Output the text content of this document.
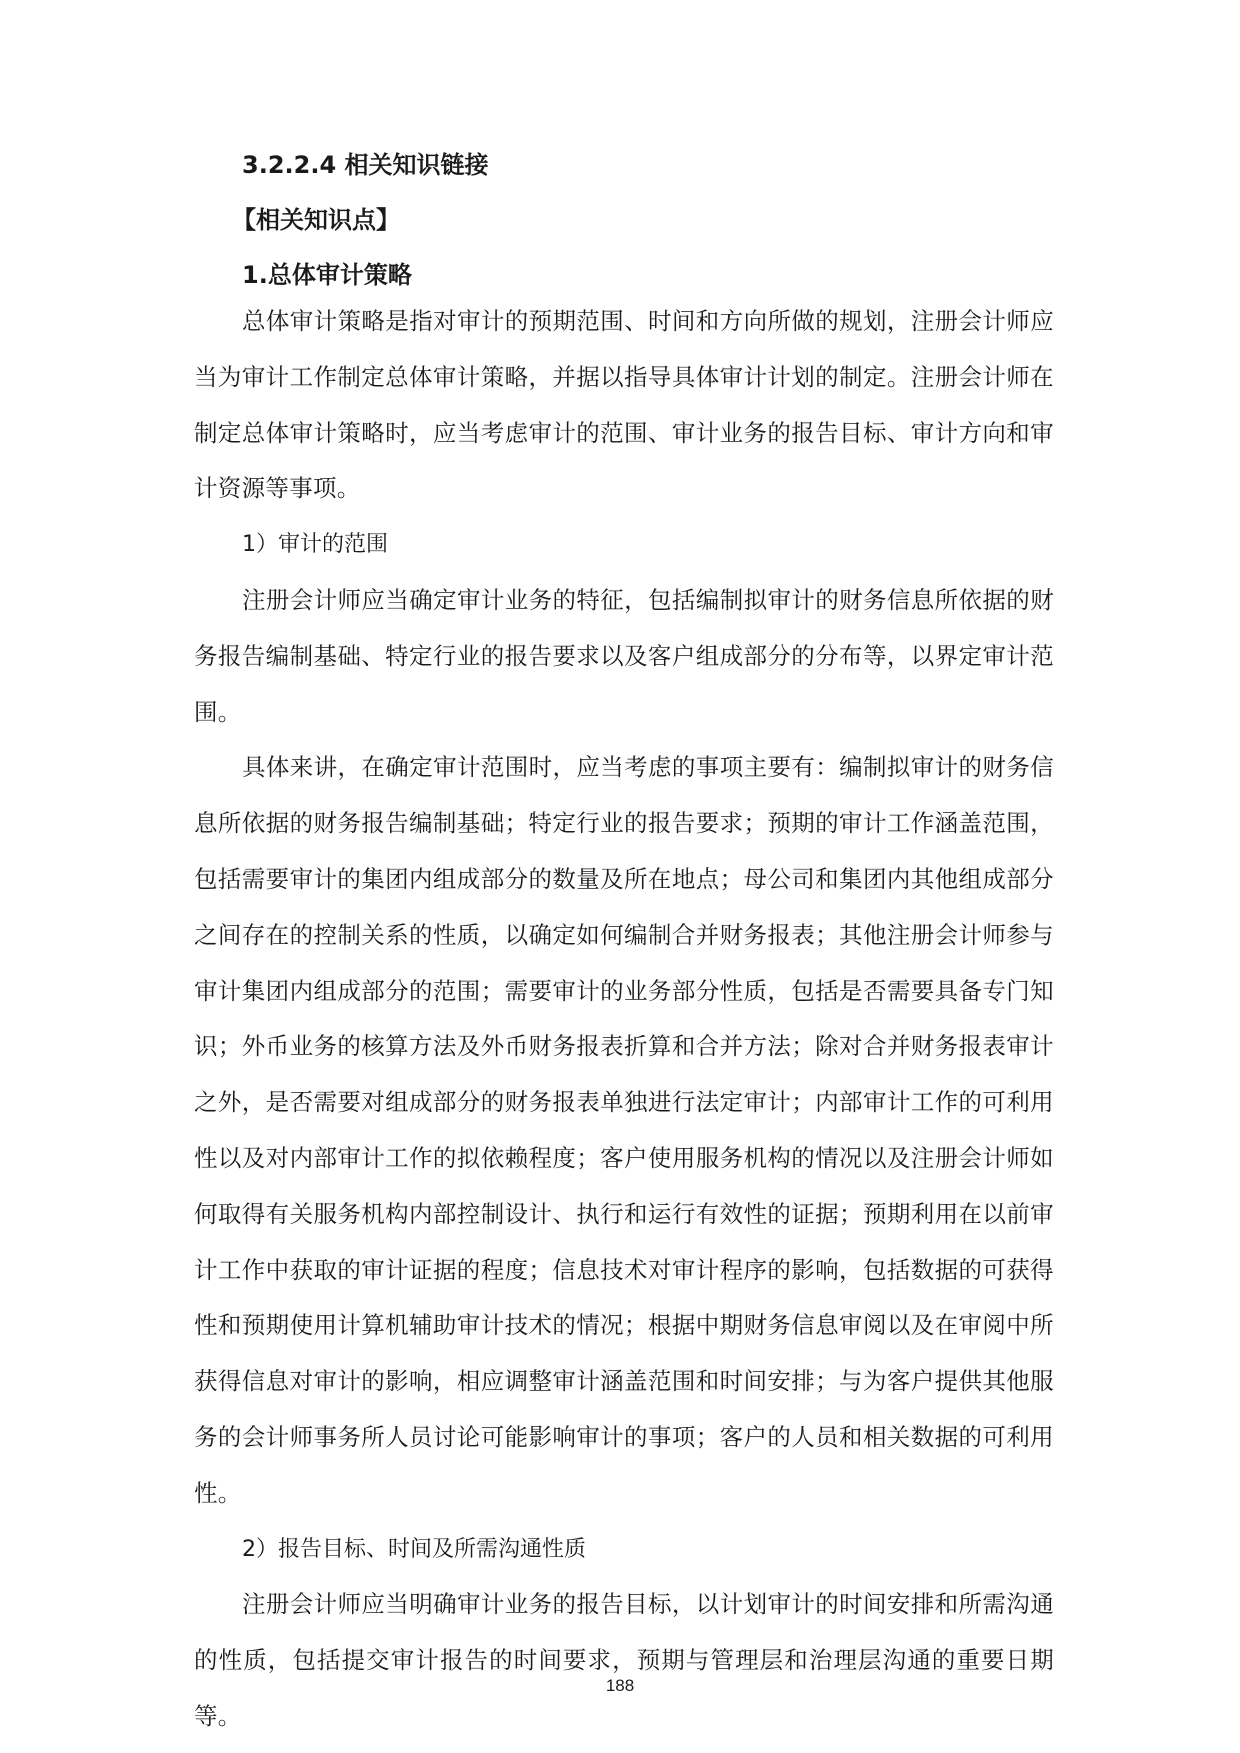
3.2.2.4 相关知识链接
【相关知识点】
1.总体审计策略

总体审计策略是指对审计的预期范围、时间和方向所做的规划，注册会计师应当为审计工作制定总体审计策略，并据以指导具体审计计划的制定。注册会计师在制定总体审计策略时，应当考虑审计的范围、审计业务的报告目标、审计方向和审计资源等事项。

1）审计的范围

注册会计师应当确定审计业务的特征，包括编制拟审计的财务信息所依据的财务报告编制基础、特定行业的报告要求以及客户组成部分的分布等，以界定审计范围。

具体来讲，在确定审计范围时，应当考虑的事项主要有：编制拟审计的财务信息所依据的财务报告编制基础；特定行业的报告要求；预期的审计工作涵盖范围，包括需要审计的集团内组成部分的数量及所在地点；母公司和集团内其他组成部分之间存在的控制关系的性质，以确定如何编制合并财务报表；其他注册会计师参与审计集团内组成部分的范围；需要审计的业务部分性质，包括是否需要具备专门知识；外币业务的核算方法及外币财务报表折算和合并方法；除对合并财务报表审计之外，是否需要对组成部分的财务报表单独进行法定审计；内部审计工作的可利用性以及对内部审计工作的拟依赖程度；客户使用服务机构的情况以及注册会计师如何取得有关服务机构内部控制设计、执行和运行有效性的证据；预期利用在以前审计工作中获取的审计证据的程度；信息技术对审计程序的影响，包括数据的可获得性和预期使用计算机辅助审计技术的情况；根据中期财务信息审阅以及在审阅中所获得信息对审计的影响，相应调整审计涵盖范围和时间安排；与为客户提供其他服务的会计师事务所人员讨论可能影响审计的事项；客户的人员和相关数据的可利用性。

2）报告目标、时间及所需沟通性质

注册会计师应当明确审计业务的报告目标，以计划审计的时间安排和所需沟通的性质，包括提交审计报告的时间要求，预期与管理层和治理层沟通的重要日期等。

188
